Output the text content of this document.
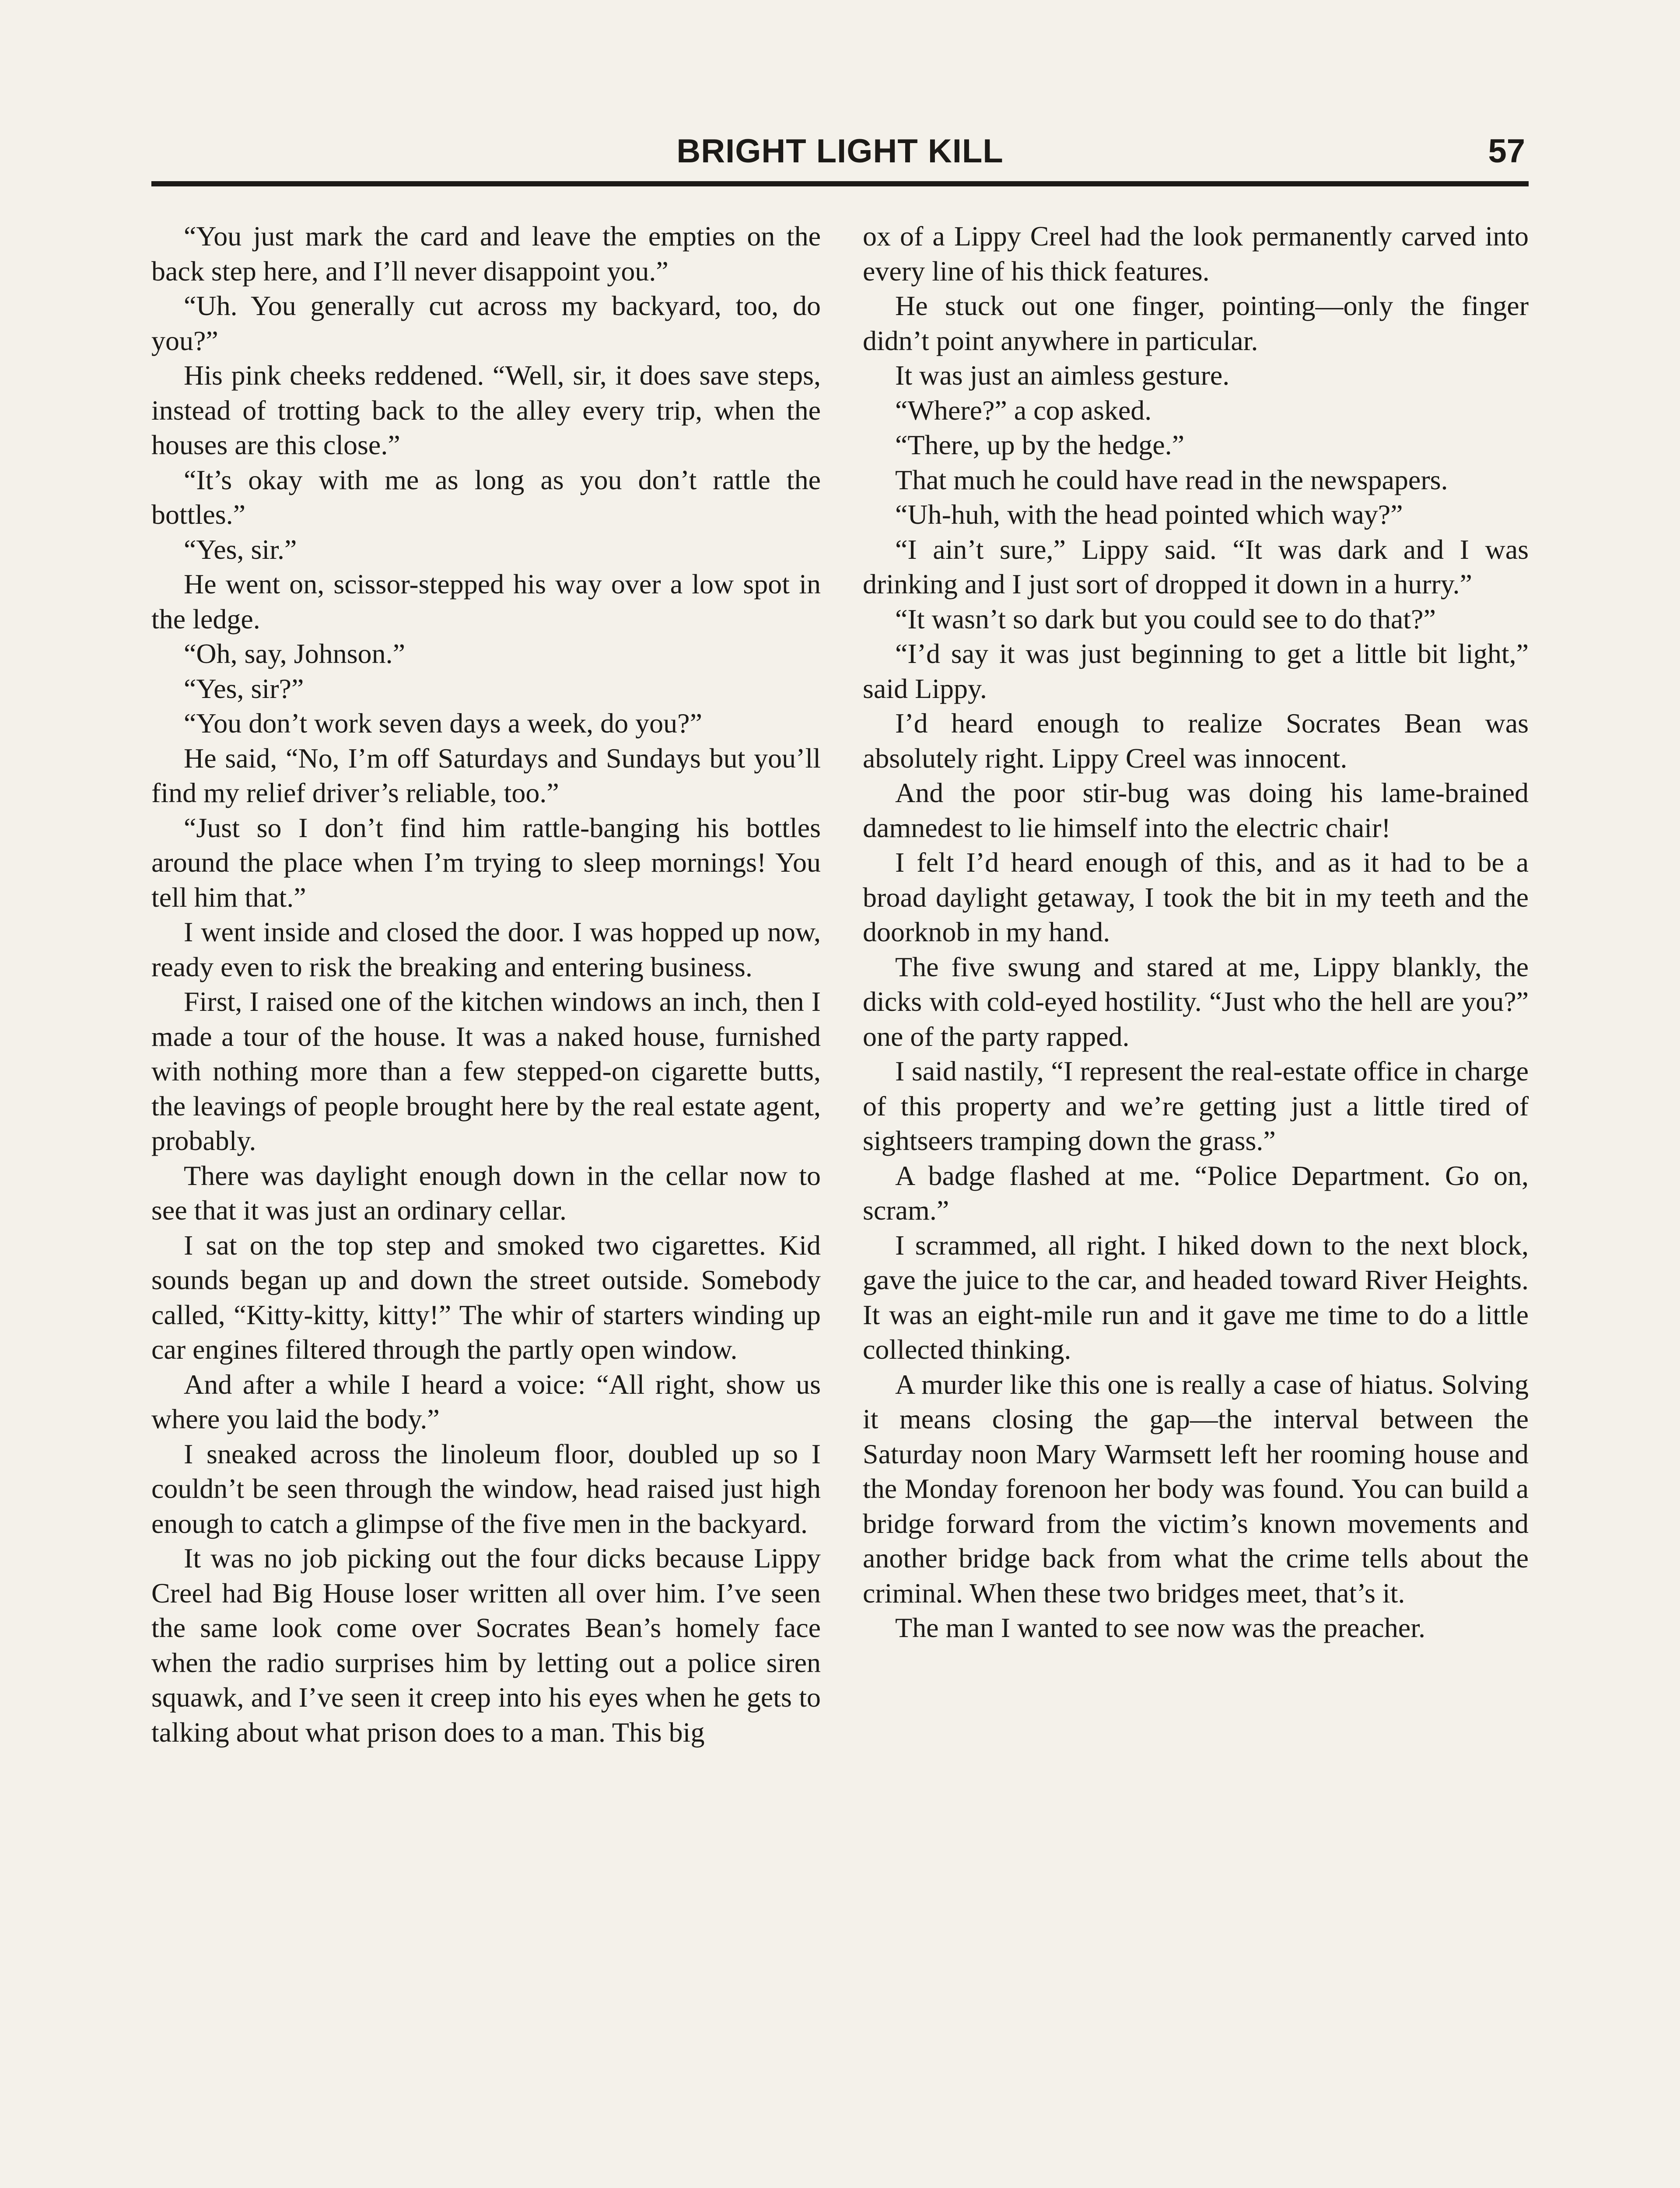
BRIGHT LIGHT KILL	57

“You just mark the card and leave the empties on the back step here, and I’ll never disappoint you.”

“Uh. You generally cut across my backyard, too, do you?”

His pink cheeks reddened. “Well, sir, it does save steps, instead of trotting back to the alley every trip, when the houses are this close.”

“It’s okay with me as long as you don’t rattle the bottles.”

“Yes, sir.”

He went on, scissor-stepped his way over a low spot in the ledge.

“Oh, say, Johnson.”

“Yes, sir?”

“You don’t work seven days a week, do you?”

He said, “No, I’m off Saturdays and Sundays but you’ll find my relief driver’s reliable, too.”

“Just so I don’t find him rattle-banging his bottles around the place when I’m trying to sleep mornings! You tell him that.”

I went inside and closed the door. I was hopped up now, ready even to risk the breaking and entering business.

First, I raised one of the kitchen windows an inch, then I made a tour of the house. It was a naked house, furnished with nothing more than a few stepped-on cigarette butts, the leavings of people brought here by the real estate agent, probably.

There was daylight enough down in the cellar now to see that it was just an ordinary cellar.

I sat on the top step and smoked two cigarettes. Kid sounds began up and down the street outside. Somebody called, “Kitty-kitty, kitty!” The whir of starters winding up car engines filtered through the partly open window.

And after a while I heard a voice: “All right, show us where you laid the body.”

I sneaked across the linoleum floor, doubled up so I couldn’t be seen through the window, head raised just high enough to catch a glimpse of the five men in the backyard.

It was no job picking out the four dicks because Lippy Creel had Big House loser written all over him. I’ve seen the same look come over Socrates Bean’s homely face when the radio surprises him by letting out a police siren squawk, and I’ve seen it creep into his eyes when he gets to talking about what prison does to a man. This big

ox of a Lippy Creel had the look permanently carved into every line of his thick features.

He stuck out one finger, pointing—only the finger didn’t point anywhere in particular.

It was just an aimless gesture.

“Where?” a cop asked.

“There, up by the hedge.”

That much he could have read in the newspapers.

“Uh-huh, with the head pointed which way?”

“I ain’t sure,” Lippy said. “It was dark and I was drinking and I just sort of dropped it down in a hurry.”

“It wasn’t so dark but you could see to do that?”

“I’d say it was just beginning to get a little bit light,” said Lippy.

I’d heard enough to realize Socrates Bean was absolutely right. Lippy Creel was innocent.

And the poor stir-bug was doing his lame-brained damnedest to lie himself into the electric chair!

I felt I’d heard enough of this, and as it had to be a broad daylight getaway, I took the bit in my teeth and the doorknob in my hand.

The five swung and stared at me, Lippy blankly, the dicks with cold-eyed hostility. “Just who the hell are you?” one of the party rapped.

I said nastily, “I represent the real-estate office in charge of this property and we’re getting just a little tired of sightseers tramping down the grass.”

A badge flashed at me. “Police Department. Go on, scram.”

I scrammed, all right. I hiked down to the next block, gave the juice to the car, and headed toward River Heights. It was an eight-mile run and it gave me time to do a little collected thinking.

A murder like this one is really a case of hiatus. Solving it means closing the gap—the interval between the Saturday noon Mary Warmsett left her rooming house and the Monday forenoon her body was found. You can build a bridge forward from the victim’s known movements and another bridge back from what the crime tells about the criminal. When these two bridges meet, that’s it.

The man I wanted to see now was the preacher.
